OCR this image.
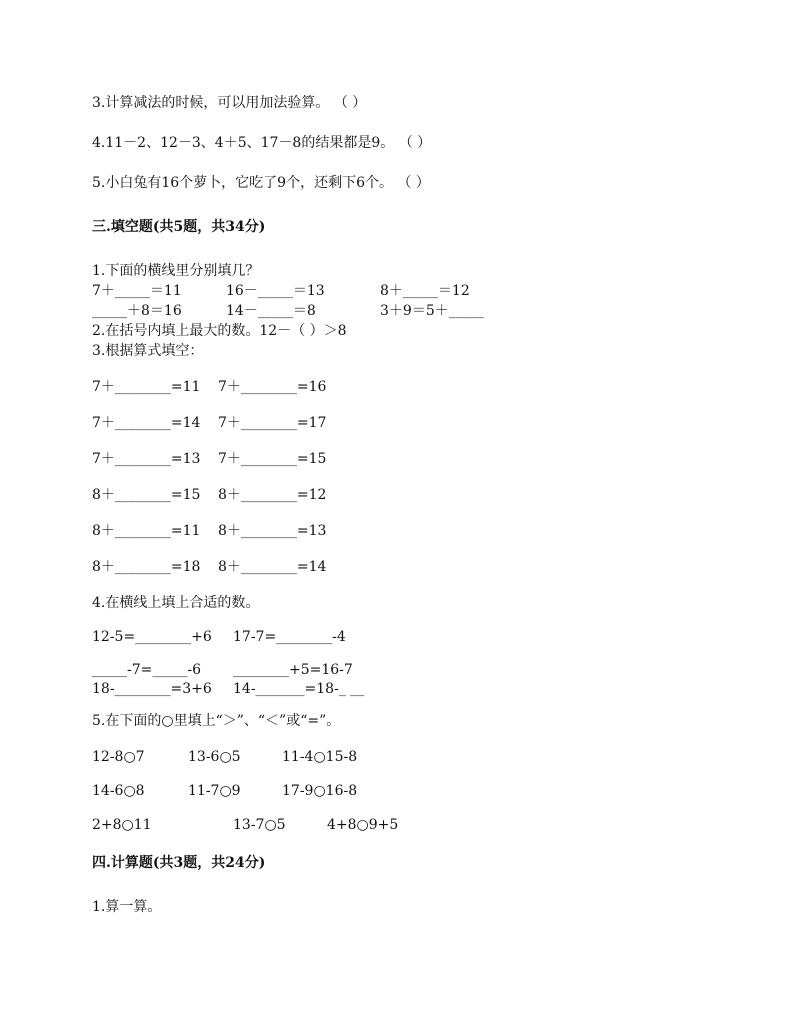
3.计算减法的时候，可以用加法验算。 （ ）
4.11－2、12－3、4＋5、17－8的结果都是9。 （ ）
5.小白兔有16个萝卜，它吃了9个，还剩下6个。 （ ）
三.填空题(共5题，共34分)
1.下面的横线里分别填几？
7＋_____＝11	16－_____＝13	8＋_____＝12
_____＋8＝16	14－_____＝8	3＋9＝5＋_____
2.在括号内填上最大的数。12－（ ）＞8
3.根据算式填空：
7＋________=11 7＋________=16
7＋________=14 7＋________=17
7＋________=13 7＋________=15
8＋________=15 8＋________=12
8＋________=11 8＋________=13
8＋________=18 8＋________=14
4.在横线上填上合适的数。
12-5=________+6 17-7=________-4
_____-7=_____-6 ________+5=16-7
18-________=3+6 14-_______=18-_ __
5.在下面的○里填上“＞”、“＜”或“=”。
12-8○7	13-6○5	11-4○15-8
14-6○8	11-7○9	17-9○16-8
2+8○11	13-7○5	4+8○9+5
四.计算题(共3题，共24分)
1.算一算。
